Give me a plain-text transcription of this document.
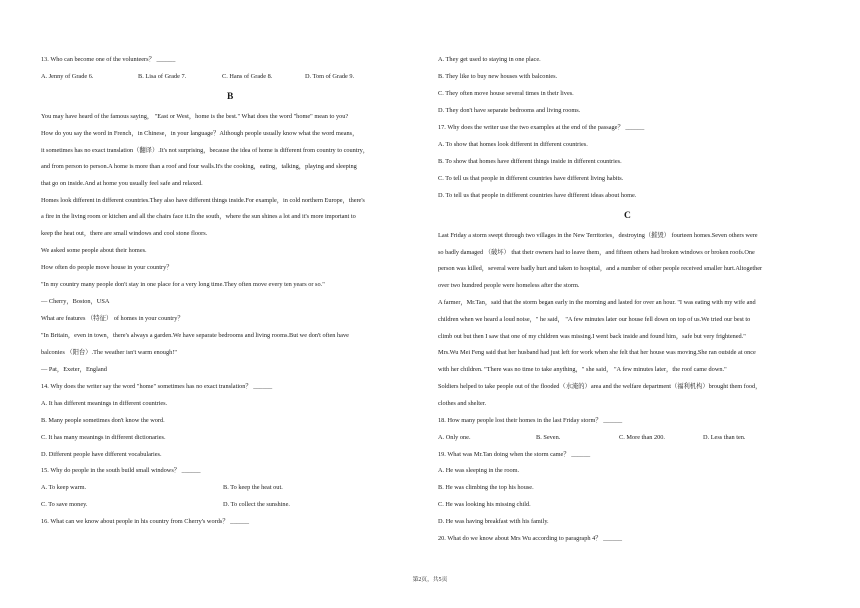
13. Who can become one of the volunteers？ ______
A. Jenny of Grade 6.	B. Lisa of Grade 7.	C. Hans of Grade 8.	D. Tom of Grade 9.
B
You may have heard of the famous saying， "East or West，home is the best." What does the word "home" mean to you?
How do you say the word in French，in Chinese，in your language？Although people usually know what the word means，
it sometimes has no exact translation（翻译）.It's not surprising，because the idea of home is different from country to country，
and from person to person.A home is more than a roof and four walls.It's the cooking，eating，talking，playing and sleeping
that go on inside.And at home you usually feel safe and relaxed.
Homes look different in different countries.They also have different things inside.For example，in cold northern Europe，there's
a fire in the living room or kitchen and all the chairs face it.In the south，where the sun shines a lot and it's more important to
keep the heat out，there are small windows and cool stone floors.
We asked some people about their homes.
How often do people move house in your country？
"In my country many people don't stay in one place for a very long time.They often move every ten years or so."
— Cherry，Boston，USA
What are features （特征） of homes in your country？
"In Britain，even in town，there's always a garden.We have separate bedrooms and living rooms.But we don't often have
balconies （阳台）.The weather isn't warm enough!"
— Pat，Exeter，England
14. Why does the writer say the word "home" sometimes has no exact translation？ ______
A. It has different meanings in different countries.
B. Many people sometimes don't know the word.
C. It has many meanings in different dictionaries.
D. Different people have different vocabularies.
15. Why do people in the south build small windows？ ______
A. To keep warm.	B. To keep the heat out.
C. To save money.	D. To collect the sunshine.
16. What can we know about people in his country from Cherry's words？ ______
A. They get used to staying in one place.
B. They like to buy new houses with balconies.
C. They often move house several times in their lives.
D. They don't have separate bedrooms and living rooms.
17. Why does the writer use the two examples at the end of the passage？ ______
A. To show that homes look different in different countries.
B. To show that homes have different things inside in different countries.
C. To tell us that people in different countries have different living habits.
D. To tell us that people in different countries have different ideas about home.
C
Last Friday a storm swept through two villages in the New Territories，destroying（摧毁） fourteen homes.Seven others were
so badly damaged （破坏） that their owners had to leave them，and fifteen others had broken windows or broken roofs.One
person was killed，several were badly hurt and taken to hospital，and a number of other people received smaller hurt.Altogether
over two hundred people were homeless after the storm.
A farmer，Mr.Tan，said that the storm began early in the morning and lasted for over an hour. "I was eating with my wife and
children when we heard a loud noise，" he said， "A few minutes later our house fell down on top of us.We tried our best to
climb out but then I saw that one of my children was missing.I went back inside and found him，safe but very frightened."
Mrs.Wu Mei Feng said that her husband had just left for work when she felt that her house was moving.She ran outside at once
with her children. "There was no time to take anything，" she said， "A few minutes later，the roof came down."
Soldiers helped to take people out of the flooded（水淹的）area and the welfare department（福利机构）brought them food，
clothes and shelter.
18. How many people lost their homes in the last Friday storm？ ______
A. Only one.	B. Seven.	C. More than 200.	D. Less than ten.
19. What was Mr.Tan doing when the storm came？ ______
A. He was sleeping in the room.
B. He was climbing the top his house.
C. He was looking his missing child.
D. He was having breakfast with his family.
20. What do we know about Mrs Wu according to paragraph 4？ ______
第2页，共5页
